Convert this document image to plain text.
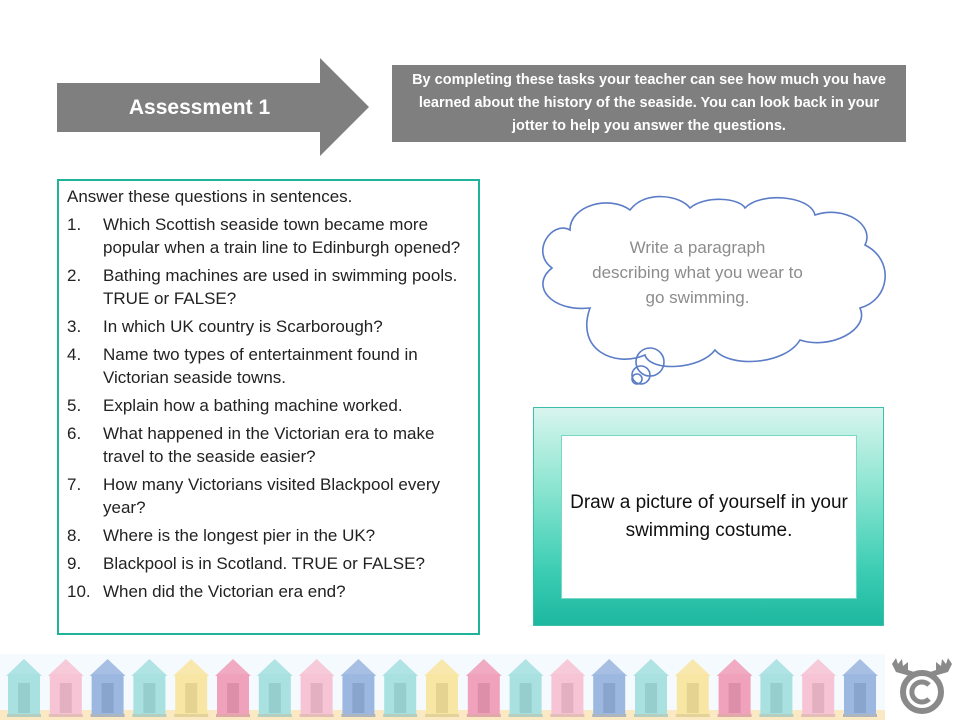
Assessment 1
By completing these tasks your teacher can see how much you have learned about the history of the seaside. You can look back in your jotter to help you answer the questions.
Answer these questions in sentences.
1.	Which Scottish seaside town became more popular when a train line to Edinburgh opened?
2.	Bathing machines are used in swimming pools. TRUE or FALSE?
3.	In which UK country is Scarborough?
4.	Name two types of entertainment found in Victorian seaside towns.
5.	Explain how a bathing machine worked.
6.	What happened in the Victorian era to make travel to the seaside easier?
7.	How many Victorians visited Blackpool every year?
8.	Where is the longest pier in the UK?
9.	Blackpool is in Scotland. TRUE or FALSE?
10. When did the Victorian era end?
Write a paragraph describing what you wear to go swimming.
Draw a picture of yourself in your swimming costume.
